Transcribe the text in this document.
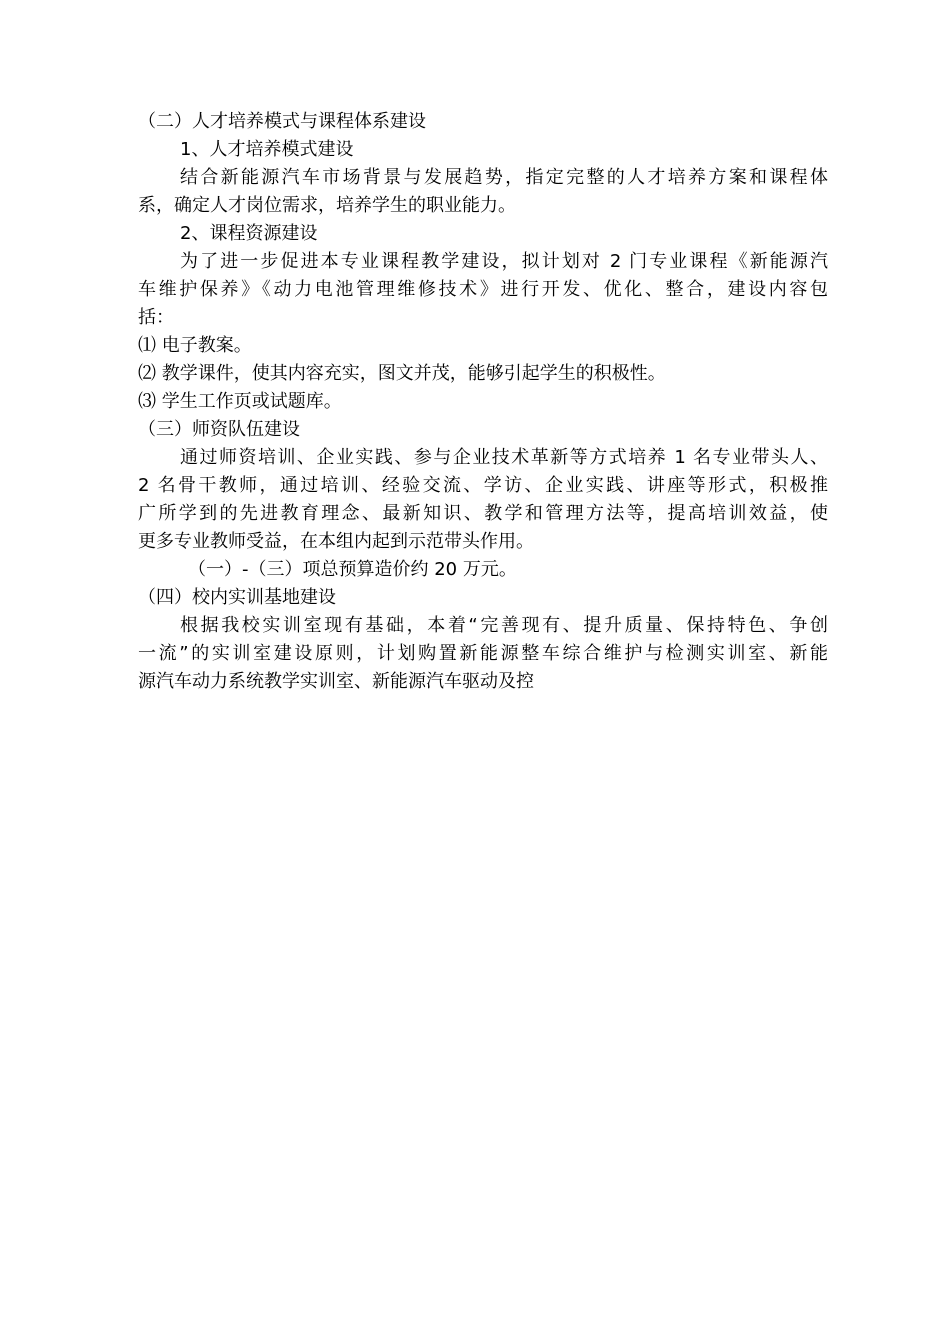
（二）人才培养模式与课程体系建设

1、人才培养模式建设

结合新能源汽车市场背景与发展趋势，指定完整的人才培养方案和课程体

系，确定人才岗位需求，培养学生的职业能力。

2、课程资源建设

为了进一步促进本专业课程教学建设，拟计划对 2 门专业课程《新能源汽

车维护保养》《动力电池管理维修技术》进行开发、优化、整合，建设内容包

括：

⑴ 电子教案。

⑵ 教学课件，使其内容充实，图文并茂，能够引起学生的积极性。

⑶ 学生工作页或试题库。

（三）师资队伍建设

通过师资培训、企业实践、参与企业技术革新等方式培养 1 名专业带头人、

2 名骨干教师，通过培训、经验交流、学访、企业实践、讲座等形式，积极推

广所学到的先进教育理念、最新知识、教学和管理方法等，提高培训效益，使

更多专业教师受益，在本组内起到示范带头作用。

（一）-（三）项总预算造价约 20 万元。

（四）校内实训基地建设

根据我校实训室现有基础，本着“完善现有、提升质量、保持特色、争创

一流”的实训室建设原则，计划购置新能源整车综合维护与检测实训室、新能

源汽车动力系统教学实训室、新能源汽车驱动及控
